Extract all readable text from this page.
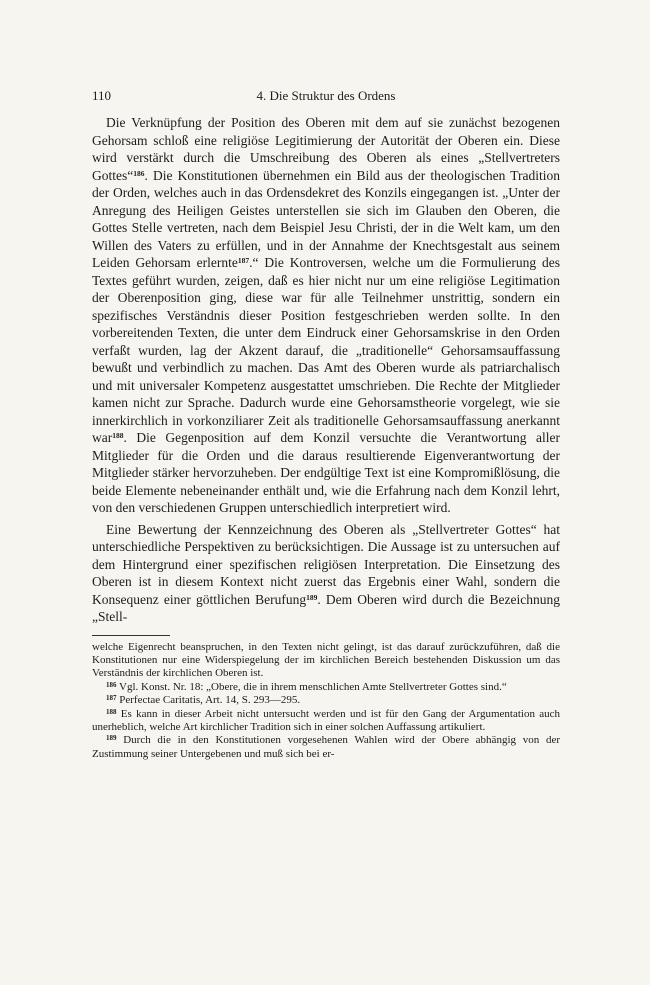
110	4. Die Struktur des Ordens

Die Verknüpfung der Position des Oberen mit dem auf sie zunächst bezogenen Gehorsam schloß eine religiöse Legitimierung der Autorität der Oberen ein. Diese wird verstärkt durch die Umschreibung des Oberen als eines „Stellvertreters Gottes“$^{186}$. Die Konstitutionen übernehmen ein Bild aus der theologischen Tradition der Orden, welches auch in das Ordensdekret des Konzils eingegangen ist. „Unter der Anregung des Heiligen Geistes unterstellen sie sich im Glauben den Oberen, die Gottes Stelle vertreten, nach dem Beispiel Jesu Christi, der in die Welt kam, um den Willen des Vaters zu erfüllen, und in der Annahme der Knechtsgestalt aus seinem Leiden Gehorsam erlernte$^{187}$.“ Die Kontroversen, welche um die Formulierung des Textes geführt wurden, zeigen, daß es hier nicht nur um eine religiöse Legitimation der Oberenposition ging, diese war für alle Teilnehmer unstrittig, sondern ein spezifisches Verständnis dieser Position festgeschrieben werden sollte. In den vorbereitenden Texten, die unter dem Eindruck einer Gehorsamskrise in den Orden verfaßt wurden, lag der Akzent darauf, die „traditionelle“ Gehorsamsauffassung bewußt und verbindlich zu machen. Das Amt des Oberen wurde als patriarchalisch und mit universaler Kompetenz ausgestattet umschrieben. Die Rechte der Mitglieder kamen nicht zur Sprache. Dadurch wurde eine Gehorsamstheorie vorgelegt, wie sie innerkirchlich in vorkonziliarer Zeit als traditionelle Gehorsamsauffassung anerkannt war$^{188}$. Die Gegenposition auf dem Konzil versuchte die Verantwortung aller Mitglieder für die Orden und die daraus resultierende Eigenverantwortung der Mitglieder stärker hervorzuheben. Der endgültige Text ist eine Kompromißlösung, die beide Elemente nebeneinander enthält und, wie die Erfahrung nach dem Konzil lehrt, von den verschiedenen Gruppen unterschiedlich interpretiert wird.

Eine Bewertung der Kennzeichnung des Oberen als „Stellvertreter Gottes“ hat unterschiedliche Perspektiven zu berücksichtigen. Die Aussage ist zu untersuchen auf dem Hintergrund einer spezifischen religiösen Interpretation. Die Einsetzung des Oberen ist in diesem Kontext nicht zuerst das Ergebnis einer Wahl, sondern die Konsequenz einer göttlichen Berufung$^{189}$. Dem Oberen wird durch die Bezeichnung „Stell-

welche Eigenrecht beanspruchen, in den Texten nicht gelingt, ist das darauf zurückzuführen, daß die Konstitutionen nur eine Widerspiegelung der im kirchlichen Bereich bestehenden Diskussion um das Verständnis der kirchlichen Oberen ist.

$^{186}$ Vgl. Konst. Nr. 18: „Obere, die in ihrem menschlichen Amte Stellvertreter Gottes sind.“

$^{187}$ Perfectae Caritatis, Art. 14, S. 293—295.

$^{188}$ Es kann in dieser Arbeit nicht untersucht werden und ist für den Gang der Argumentation auch unerheblich, welche Art kirchlicher Tradition sich in einer solchen Auffassung artikuliert.

$^{189}$ Durch die in den Konstitutionen vorgesehenen Wahlen wird der Obere abhängig von der Zustimmung seiner Untergebenen und muß sich bei er-
